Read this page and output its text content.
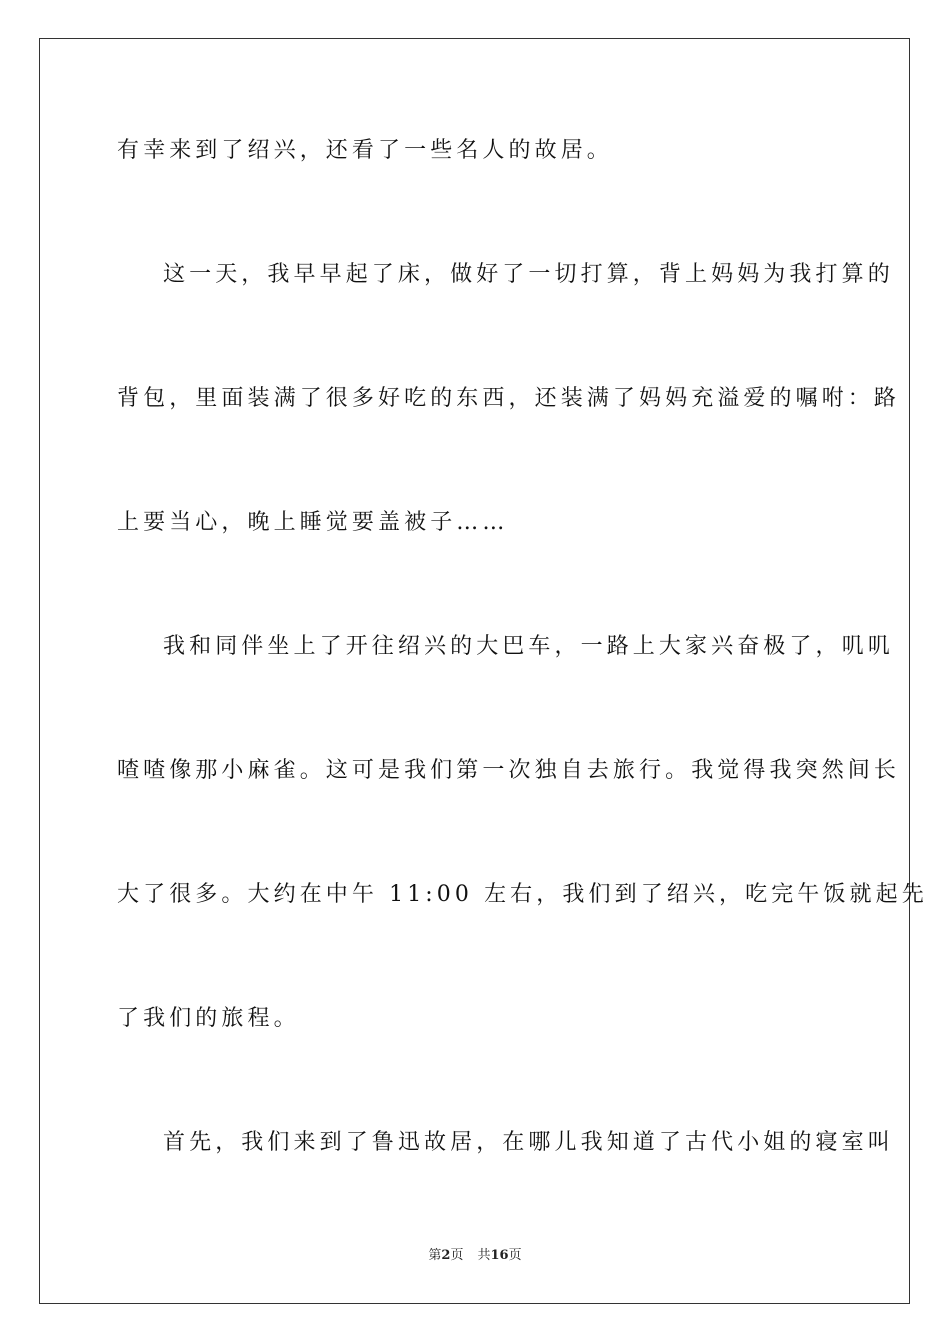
有幸来到了绍兴，还看了一些名人的故居。
这一天，我早早起了床，做好了一切打算，背上妈妈为我打算的
背包，里面装满了很多好吃的东西，还装满了妈妈充溢爱的嘱咐：路
上要当心，晚上睡觉要盖被子……
我和同伴坐上了开往绍兴的大巴车，一路上大家兴奋极了，叽叽
喳喳像那小麻雀。这可是我们第一次独自去旅行。我觉得我突然间长
大了很多。大约在中午 11:00 左右，我们到了绍兴，吃完午饭就起先
了我们的旅程。
首先，我们来到了鲁迅故居，在哪儿我知道了古代小姐的寝室叫
第2页 共16页
